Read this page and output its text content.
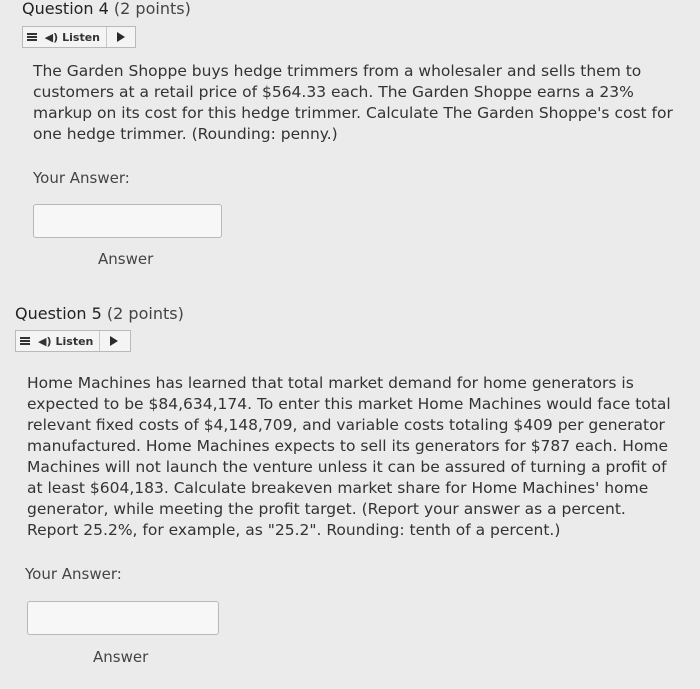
Question 4 (2 points)
◀) Listen
The Garden Shoppe buys hedge trimmers from a wholesaler and sells them to customers at a retail price of $564.33 each. The Garden Shoppe earns a 23% markup on its cost for this hedge trimmer. Calculate The Garden Shoppe's cost for one hedge trimmer. (Rounding: penny.)
Your Answer:
Answer
Question 5 (2 points)
◀) Listen
Home Machines has learned that total market demand for home generators is expected to be $84,634,174. To enter this market Home Machines would face total relevant fixed costs of $4,148,709, and variable costs totaling $409 per generator manufactured. Home Machines expects to sell its generators for $787 each. Home Machines will not launch the venture unless it can be assured of turning a profit of at least $604,183. Calculate breakeven market share for Home Machines' home generator, while meeting the profit target. (Report your answer as a percent. Report 25.2%, for example, as "25.2". Rounding: tenth of a percent.)
Your Answer:
Answer
